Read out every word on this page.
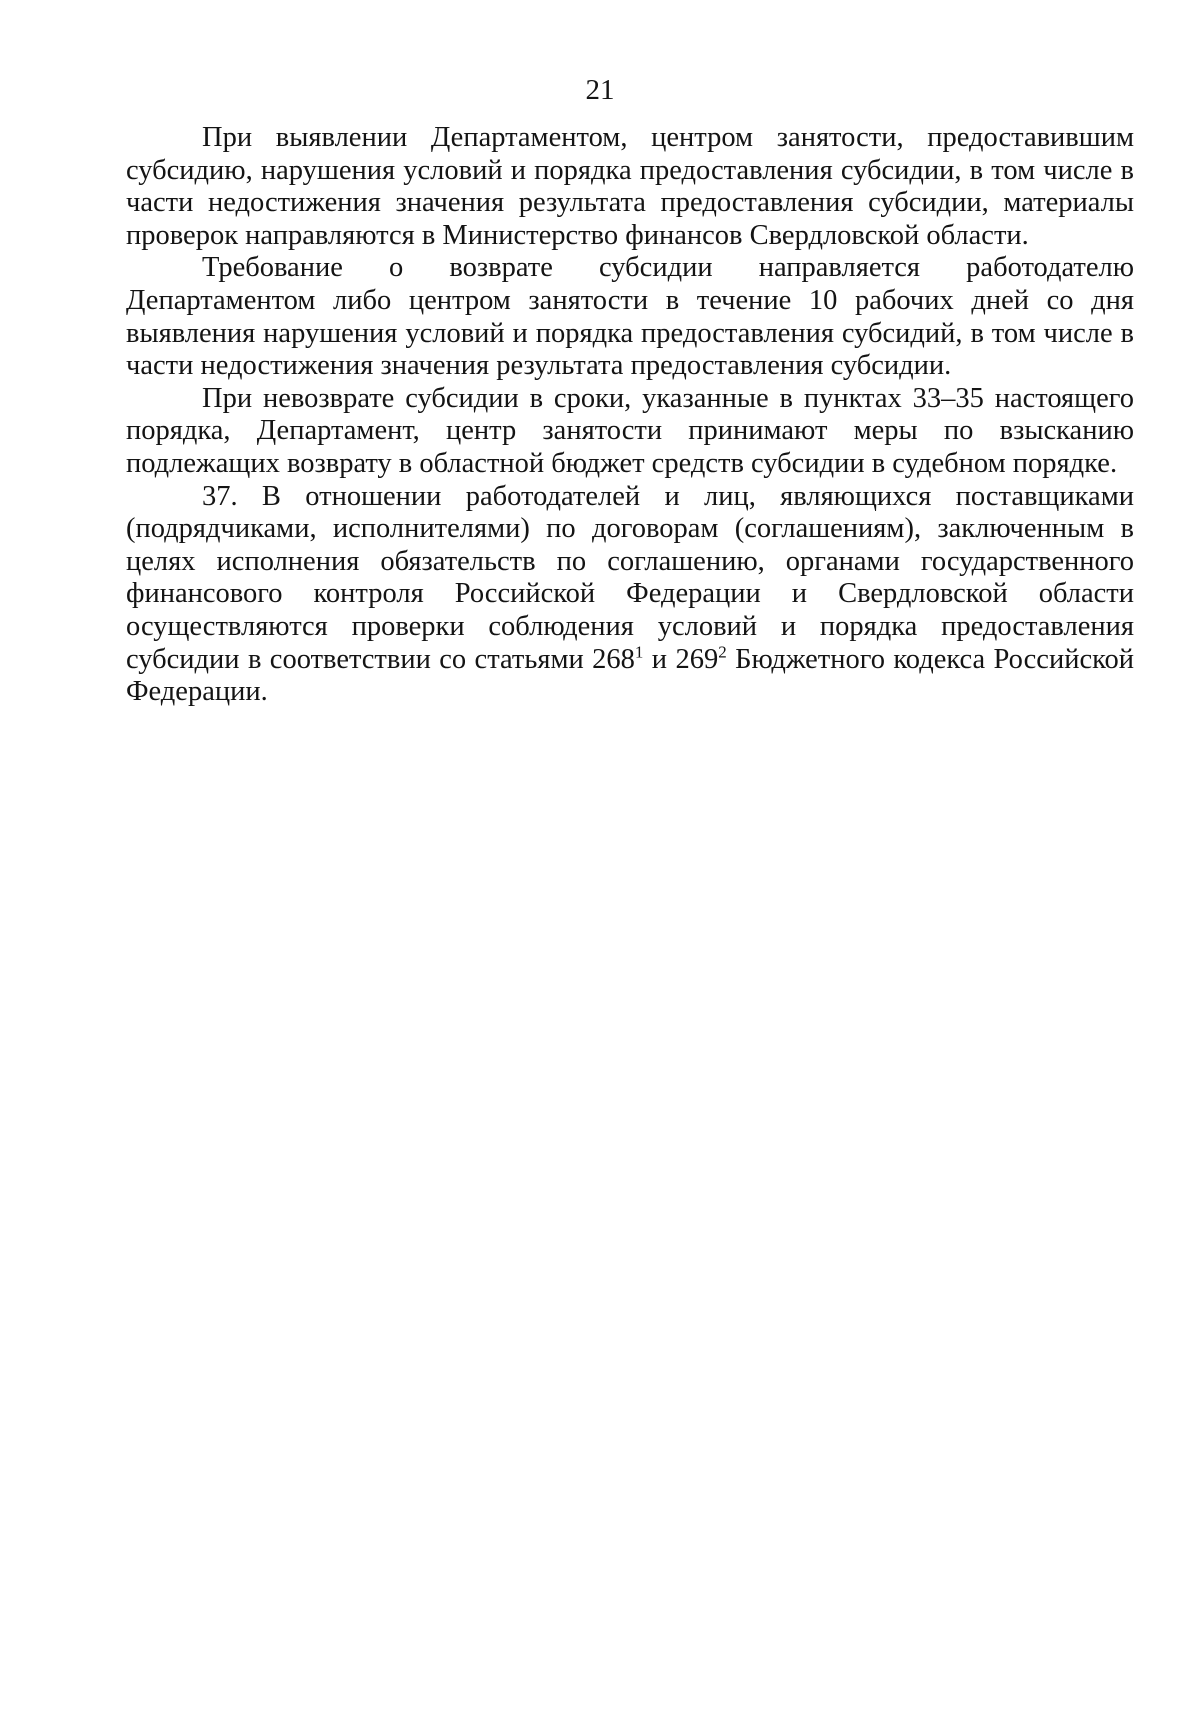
21

При выявлении Департаментом, центром занятости, предоставившим субсидию, нарушения условий и порядка предоставления субсидии, в том числе в части недостижения значения результата предоставления субсидии, материалы проверок направляются в Министерство финансов Свердловской области.

Требование о возврате субсидии направляется работодателю Департаментом либо центром занятости в течение 10 рабочих дней со дня выявления нарушения условий и порядка предоставления субсидий, в том числе в части недостижения значения результата предоставления субсидии.

При невозврате субсидии в сроки, указанные в пунктах 33–35 настоящего порядка, Департамент, центр занятости принимают меры по взысканию подлежащих возврату в областной бюджет средств субсидии в судебном порядке.

37. В отношении работодателей и лиц, являющихся поставщиками (подрядчиками, исполнителями) по договорам (соглашениям), заключенным в целях исполнения обязательств по соглашению, органами государственного финансового контроля Российской Федерации и Свердловской области осуществляются проверки соблюдения условий и порядка предоставления субсидии в соответствии со статьями $268^1$ и $269^2$ Бюджетного кодекса Российской Федерации.
